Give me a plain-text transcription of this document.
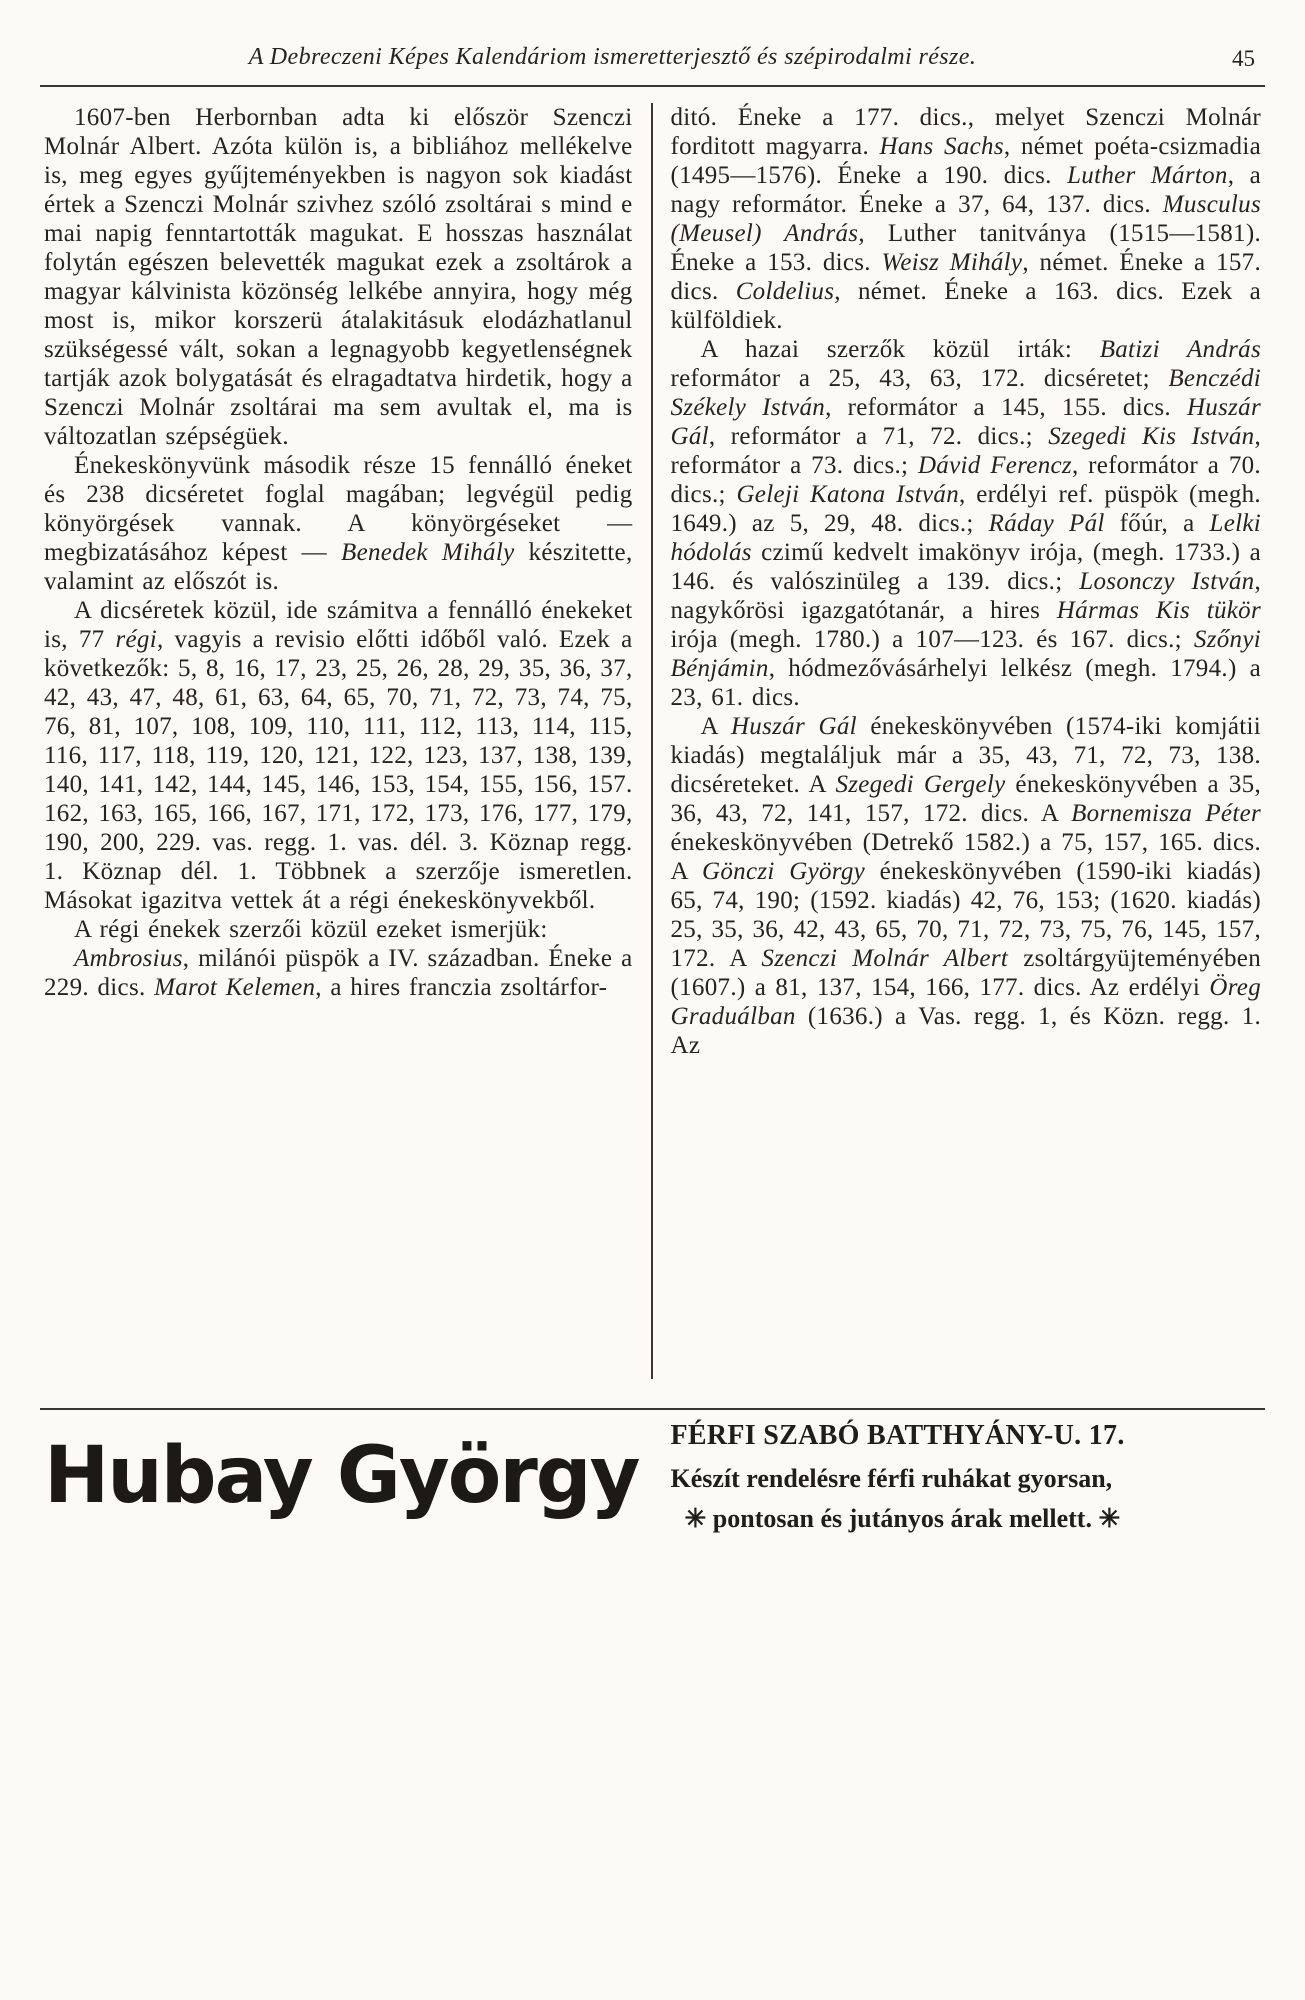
A Debreczeni Képes Kalendáriom ismeretterjesztő és szépirodalmi része.	45

1607-ben Herbornban adta ki először Szenczi Molnár Albert. Azóta külön is, a bibliához mellékelve is, meg egyes gyűjteményekben is nagyon sok kiadást értek a Szenczi Molnár szivhez szóló zsoltárai s mind e mai napig fenntartották magukat. E hosszas használat folytán egészen belevették magukat ezek a zsoltárok a magyar kálvinista közönség lelkébe annyira, hogy még most is, mikor korszerü átalakitásuk elodázhatlanul szükségessé vált, sokan a legnagyobb kegyetlenségnek tartják azok bolygatását és elragadtatva hirdetik, hogy a Szenczi Molnár zsoltárai ma sem avultak el, ma is változatlan szépségüek.

Énekeskönyvünk második része 15 fennálló éneket és 238 dicséretet foglal magában; legvégül pedig könyörgések vannak. A könyörgéseket — megbizatásához képest — Benedek Mihály készitette, valamint az előszót is.

A dicséretek közül, ide számitva a fennálló énekeket is, 77 régi, vagyis a revisio előtti időből való. Ezek a következők: 5, 8, 16, 17, 23, 25, 26, 28, 29, 35, 36, 37, 42, 43, 47, 48, 61, 63, 64, 65, 70, 71, 72, 73, 74, 75, 76, 81, 107, 108, 109, 110, 111, 112, 113, 114, 115, 116, 117, 118, 119, 120, 121, 122, 123, 137, 138, 139, 140, 141, 142, 144, 145, 146, 153, 154, 155, 156, 157. 162, 163, 165, 166, 167, 171, 172, 173, 176, 177, 179, 190, 200, 229. vas. regg. 1. vas. dél. 3. Köznap regg. 1. Köznap dél. 1. Többnek a szerzője ismeretlen. Másokat igazitva vettek át a régi énekeskönyvekből.

A régi énekek szerzői közül ezeket ismerjük:

Ambrosius, milánói püspök a IV. században. Éneke a 229. dics. Marot Kelemen, a hires franczia zsoltárfor-

ditó. Éneke a 177. dics., melyet Szenczi Molnár forditott magyarra. Hans Sachs, német poéta-csizmadia (1495—1576). Éneke a 190. dics. Luther Márton, a nagy reformátor. Éneke a 37, 64, 137. dics. Musculus (Meusel) András, Luther tanitványa (1515—1581). Éneke a 153. dics. Weisz Mihály, német. Éneke a 157. dics. Coldelius, német. Éneke a 163. dics. Ezek a külföldiek.

A hazai szerzők közül irták: Batizi András reformátor a 25, 43, 63, 172. dicséretet; Benczédi Székely István, reformátor a 145, 155. dics. Huszár Gál, reformátor a 71, 72. dics.; Szegedi Kis István, reformátor a 73. dics.; Dávid Ferencz, reformátor a 70. dics.; Geleji Katona István, erdélyi ref. püspök (megh. 1649.) az 5, 29, 48. dics.; Ráday Pál főúr, a Lelki hódolás czimű kedvelt imakönyv irója, (megh. 1733.) a 146. és valószinüleg a 139. dics.; Losonczy István, nagykőrösi igazgatótanár, a hires Hármas Kis tükör irója (megh. 1780.) a 107—123. és 167. dics.; Szőnyi Bénjámin, hódmezővásárhelyi lelkész (megh. 1794.) a 23, 61. dics.

A Huszár Gál énekeskönyvében (1574-iki komjátii kiadás) megtaláljuk már a 35, 43, 71, 72, 73, 138. dicséreteket. A Szegedi Gergely énekeskönyvében a 35, 36, 43, 72, 141, 157, 172. dics. A Bornemisza Péter énekeskönyvében (Detrekő 1582.) a 75, 157, 165. dics. A Gönczi György énekeskönyvében (1590-iki kiadás) 65, 74, 190; (1592. kiadás) 42, 76, 153; (1620. kiadás) 25, 35, 36, 42, 43, 65, 70, 71, 72, 73, 75, 76, 145, 157, 172. A Szenczi Molnár Albert zsoltárgyüjteményében (1607.) a 81, 137, 154, 166, 177. dics. Az erdélyi Öreg Graduálban (1636.) a Vas. regg. 1, és Közn. regg. 1. Az

Hubay György	FÉRFI SZABÓ BATTHYÁNY-U. 17.
Készít rendelésre férfi ruhákat gyorsan,
✳ pontosan és jutányos árak mellett. ✳
